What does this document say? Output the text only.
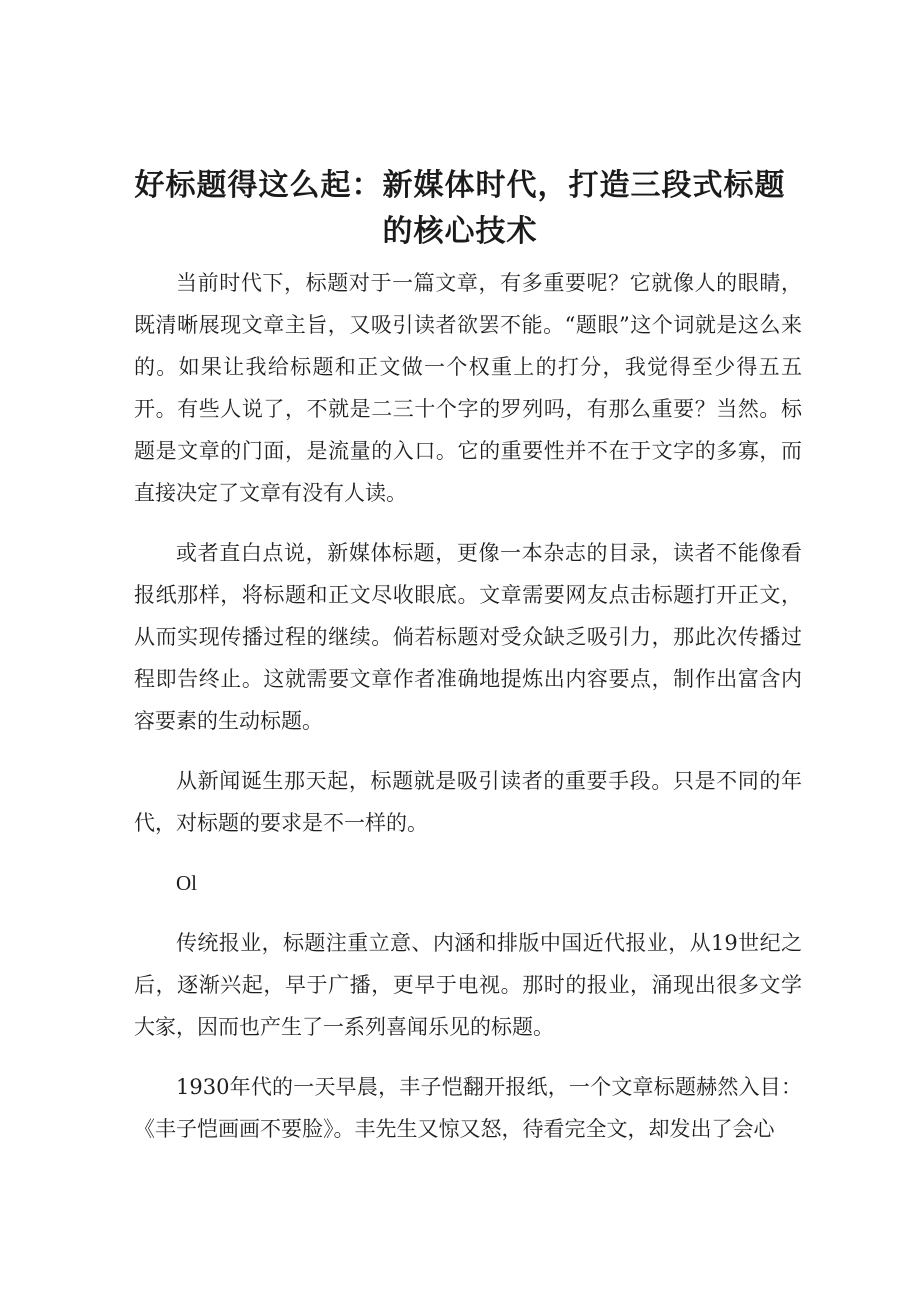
好标题得这么起：新媒体时代，打造三段式标题的核心技术

当前时代下，标题对于一篇文章，有多重要呢？它就像人的眼睛，既清晰展现文章主旨，又吸引读者欲罢不能。“题眼”这个词就是这么来的。如果让我给标题和正文做一个权重上的打分，我觉得至少得五五开。有些人说了，不就是二三十个字的罗列吗，有那么重要？当然。标题是文章的门面，是流量的入口。它的重要性并不在于文字的多寡，而直接决定了文章有没有人读。

或者直白点说，新媒体标题，更像一本杂志的目录，读者不能像看报纸那样，将标题和正文尽收眼底。文章需要网友点击标题打开正文，从而实现传播过程的继续。倘若标题对受众缺乏吸引力，那此次传播过程即告终止。这就需要文章作者准确地提炼出内容要点，制作出富含内容要素的生动标题。

从新闻诞生那天起，标题就是吸引读者的重要手段。只是不同的年代，对标题的要求是不一样的。

Ol

传统报业，标题注重立意、内涵和排版中国近代报业，从19世纪之后，逐渐兴起，早于广播，更早于电视。那时的报业，涌现出很多文学大家，因而也产生了一系列喜闻乐见的标题。

1930年代的一天早晨，丰子恺翻开报纸，一个文章标题赫然入目：《丰子恺画画不要脸》。丰先生又惊又怒，待看完全文，却发出了会心
